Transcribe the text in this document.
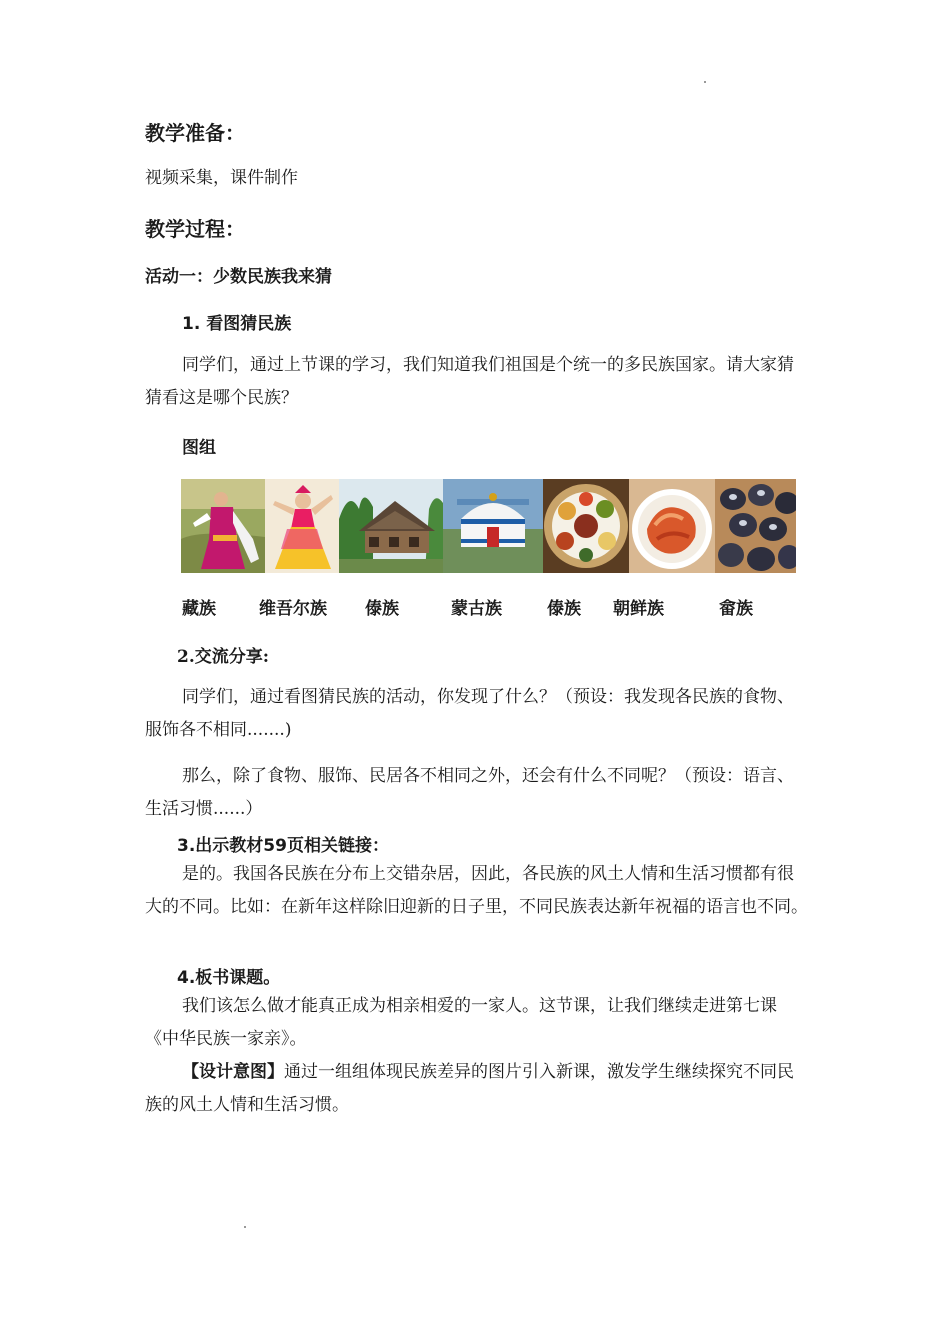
教学准备：

视频采集，课件制作

教学过程：

活动一：少数民族我来猜

1. 看图猜民族

同学们，通过上节课的学习，我们知道我们祖国是个统一的多民族国家。请大家猜猜看这是哪个民族？

图组

藏族	维吾尔族 傣族	蒙古族	傣族 朝鲜族	畲族

2.交流分享:

同学们，通过看图猜民族的活动，你发现了什么？（预设：我发现各民族的食物、服饰各不相同.......)

那么，除了食物、服饰、民居各不相同之外，还会有什么不同呢？（预设：语言、生活习惯......）

3.出示教材59页相关链接：

是的。我国各民族在分布上交错杂居，因此，各民族的风土人情和生活习惯都有很大的不同。比如：在新年这样除旧迎新的日子里，不同民族表达新年祝福的语言也不同。

4.板书课题。

我们该怎么做才能真正成为相亲相爱的一家人。这节课，让我们继续走进第七课《中华民族一家亲》。

【设计意图】通过一组组体现民族差异的图片引入新课，激发学生继续探究不同民族的风土人情和生活习惯。
